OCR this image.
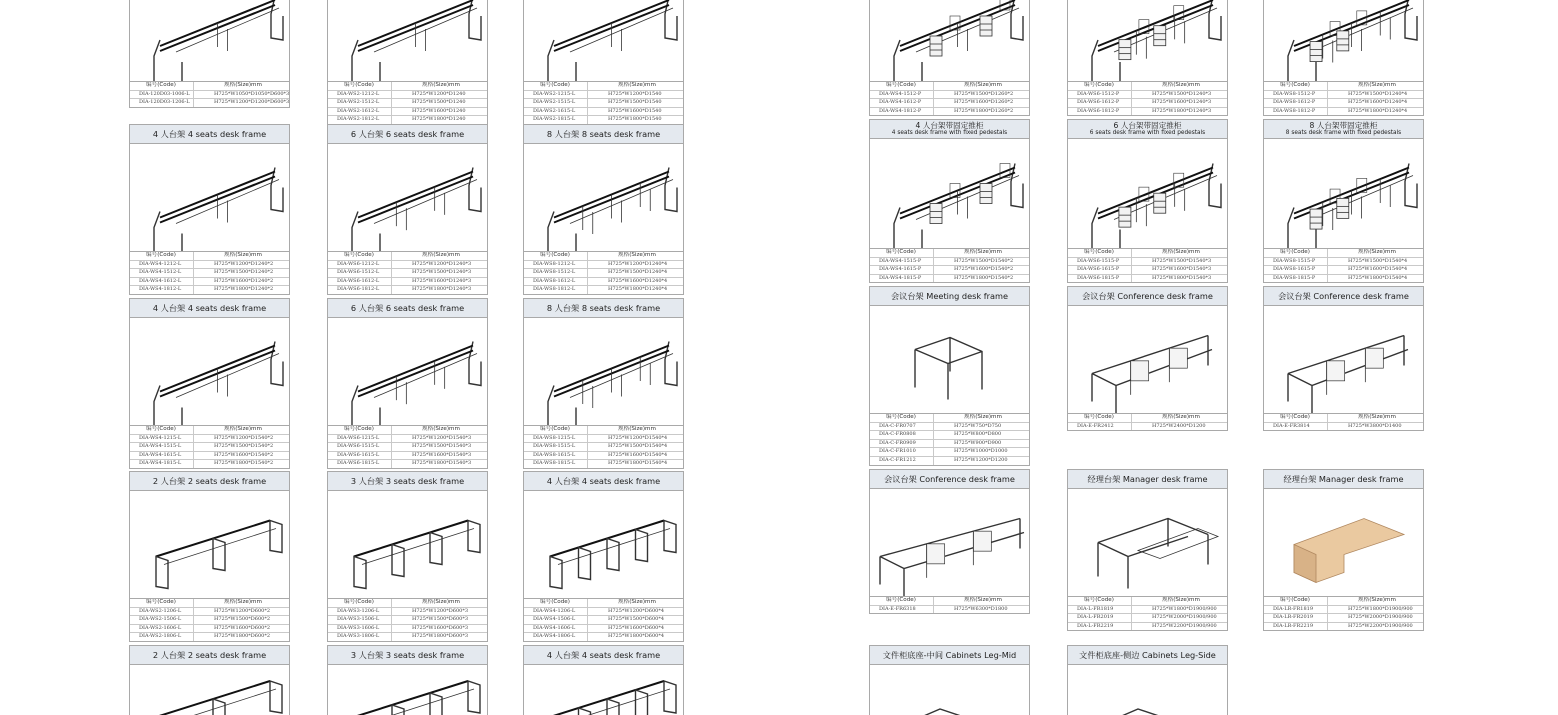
编号(Code)	规格(Size)mm
DIA-120D03-1006-L	H725*W1050*D1050*D600*3
DIA-120D03-1206-L	H725*W1200*D1200*D600*3
编号(Code)	规格(Size)mm
DIA-WS2-1212-L	H725*W1200*D1240
DIA-WS2-1512-L	H725*W1500*D1240
DIA-WS2-1612-L	H725*W1600*D1240
DIA-WS2-1812-L	H725*W1800*D1240
编号(Code)	规格(Size)mm
DIA-WS2-1215-L	H725*W1200*D1540
DIA-WS2-1515-L	H725*W1500*D1540
DIA-WS2-1615-L	H725*W1600*D1540
DIA-WS2-1815-L	H725*W1800*D1540
编号(Code)	规格(Size)mm
DIA-WS4-1512-P	H725*W1500*D1260*2
DIA-WS4-1612-P	H725*W1600*D1260*2
DIA-WS4-1812-P	H725*W1800*D1260*2
编号(Code)	规格(Size)mm
DIA-WS6-1512-P	H725*W1500*D1240*3
DIA-WS6-1612-P	H725*W1600*D1240*3
DIA-WS6-1812-P	H725*W1800*D1240*3
编号(Code)	规格(Size)mm
DIA-WS8-1512-P	H725*W1500*D1240*4
DIA-WS8-1612-P	H725*W1600*D1240*4
DIA-WS8-1812-P	H725*W1800*D1240*4
4 人台架 4 seats desk frame
编号(Code)	规格(Size)mm
DIA-WS4-1212-L	H725*W1200*D1240*2
DIA-WS4-1512-L	H725*W1500*D1240*2
DIA-WS4-1612-L	H725*W1600*D1240*2
DIA-WS4-1812-L	H725*W1800*D1240*2
6 人台架 6 seats desk frame
编号(Code)	规格(Size)mm
DIA-WS6-1212-L	H725*W1200*D1240*3
DIA-WS6-1512-L	H725*W1500*D1240*3
DIA-WS6-1612-L	H725*W1600*D1240*3
DIA-WS6-1812-L	H725*W1800*D1240*3
8 人台架 8 seats desk frame
编号(Code)	规格(Size)mm
DIA-WS8-1212-L	H725*W1200*D1240*4
DIA-WS8-1512-L	H725*W1500*D1240*4
DIA-WS8-1612-L	H725*W1600*D1240*4
DIA-WS8-1812-L	H725*W1800*D1240*4
4 人台架带固定推柜
4 seats desk frame with fixed pedestals
编号(Code)	规格(Size)mm
DIA-WS4-1515-P	H725*W1500*D1540*2
DIA-WS4-1615-P	H725*W1600*D1540*2
DIA-WS4-1815-P	H725*W1800*D1540*2
6 人台架带固定推柜
6 seats desk frame with fixed pedestals
编号(Code)	规格(Size)mm
DIA-WS6-1515-P	H725*W1500*D1540*3
DIA-WS6-1615-P	H725*W1600*D1540*3
DIA-WS6-1815-P	H725*W1800*D1540*3
8 人台架带固定推柜
8 seats desk frame with fixed pedestals
编号(Code)	规格(Size)mm
DIA-WS8-1515-P	H725*W1500*D1540*4
DIA-WS8-1615-P	H725*W1600*D1540*4
DIA-WS8-1815-P	H725*W1800*D1540*4
4 人台架 4 seats desk frame
编号(Code)	规格(Size)mm
DIA-WS4-1215-L	H725*W1200*D1540*2
DIA-WS4-1515-L	H725*W1500*D1540*2
DIA-WS4-1615-L	H725*W1600*D1540*2
DIA-WS4-1815-L	H725*W1800*D1540*2
6 人台架 6 seats desk frame
编号(Code)	规格(Size)mm
DIA-WS6-1215-L	H725*W1200*D1540*3
DIA-WS6-1515-L	H725*W1500*D1540*3
DIA-WS6-1615-L	H725*W1600*D1540*3
DIA-WS6-1815-L	H725*W1800*D1540*3
8 人台架 8 seats desk frame
编号(Code)	规格(Size)mm
DIA-WS8-1215-L	H725*W1200*D1540*4
DIA-WS8-1515-L	H725*W1500*D1540*4
DIA-WS8-1615-L	H725*W1600*D1540*4
DIA-WS8-1815-L	H725*W1800*D1540*4
会议台架 Meeting desk frame
编号(Code)	规格(Size)mm
DIA-C-FR0707	H725*W750*D750
DIA-C-FR0808	H725*W800*D800
DIA-C-FR0909	H725*W900*D900
DIA-C-FR1010	H725*W1000*D1000
DIA-C-FR1212	H725*W1200*D1200
会议台架 Conference desk frame
编号(Code)	规格(Size)mm
DIA-E-FR2412	H725*W2400*D1200
会议台架 Conference desk frame
编号(Code)	规格(Size)mm
DIA-E-FR3814	H725*W3800*D1400
2 人台架 2 seats desk frame
编号(Code)	规格(Size)mm
DIA-WS2-1206-L	H725*W1200*D600*2
DIA-WS2-1506-L	H725*W1500*D600*2
DIA-WS2-1606-L	H725*W1600*D600*2
DIA-WS2-1806-L	H725*W1800*D600*2
3 人台架 3 seats desk frame
编号(Code)	规格(Size)mm
DIA-WS3-1206-L	H725*W1200*D600*3
DIA-WS3-1506-L	H725*W1500*D600*3
DIA-WS3-1606-L	H725*W1600*D600*3
DIA-WS3-1806-L	H725*W1800*D600*3
4 人台架 4 seats desk frame
编号(Code)	规格(Size)mm
DIA-WS4-1206-L	H725*W1200*D600*4
DIA-WS4-1506-L	H725*W1500*D600*4
DIA-WS4-1606-L	H725*W1600*D600*4
DIA-WS4-1806-L	H725*W1800*D600*4
会议台架 Conference desk frame
编号(Code)	规格(Size)mm
DIA-E-FR6318	H725*W6300*D1800
经理台架 Manager desk frame
编号(Code)	规格(Size)mm
DIA-L-FR1819	H725*W1800*D1900/900
DIA-L-FR2019	H725*W2000*D1900/900
DIA-L-FR2219	H725*W2200*D1900/900
经理台架 Manager desk frame
编号(Code)	规格(Size)mm
DIA-LR-FR1819	H725*W1800*D1900/900
DIA-LR-FR2019	H725*W2000*D1900/900
DIA-LR-FR2219	H725*W2200*D1900/900
2 人台架 2 seats desk frame	3 人台架 3 seats desk frame	4 人台架 4 seats desk frame	文件柜底座-中间 Cabinets Leg-Mid	文件柜底座-侧边 Cabinets Leg-Side
